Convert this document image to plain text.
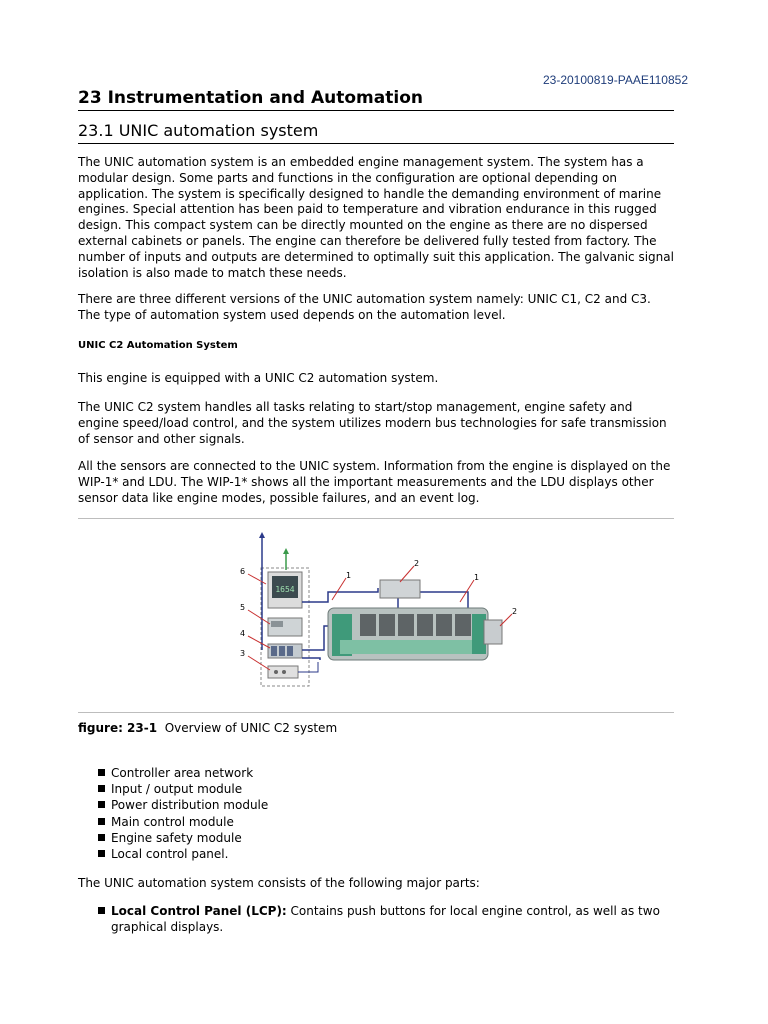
23-20100819-PAAE110852
23 Instrumentation and Automation
23.1 UNIC automation system
The UNIC automation system is an embedded engine management system. The system has a
modular design. Some parts and functions in the configuration are optional depending on
application. The system is specifically designed to handle the demanding environment of marine
engines. Special attention has been paid to temperature and vibration endurance in this rugged
design. This compact system can be directly mounted on the engine as there are no dispersed
external cabinets or panels. The engine can therefore be delivered fully tested from factory. The
number of inputs and outputs are determined to optimally suit this application. The galvanic signal
isolation is also made to match these needs.
There are three different versions of the UNIC automation system namely: UNIC C1, C2 and C3.
The type of automation system used depends on the automation level.
UNIC C2 Automation System
This engine is equipped with a UNIC C2 automation system.
The UNIC C2 system handles all tasks relating to start/stop management, engine safety and
engine speed/load control, and the system utilizes modern bus technologies for safe transmission
of sensor and other signals.
All the sensors are connected to the UNIC system. Information from the engine is displayed on the
WIP-1* and LDU. The WIP-1* shows all the important measurements and the LDU displays other
sensor data like engine modes, possible failures, and an event log.
1654
6
5
4
3
1
2
1
2
figure: 23-1 Overview of UNIC C2 system
Controller area network
Input / output module
Power distribution module
Main control module
Engine safety module
Local control panel.
The UNIC automation system consists of the following major parts:
Local Control Panel (LCP): Contains push buttons for local engine control, as well as two
graphical displays.
